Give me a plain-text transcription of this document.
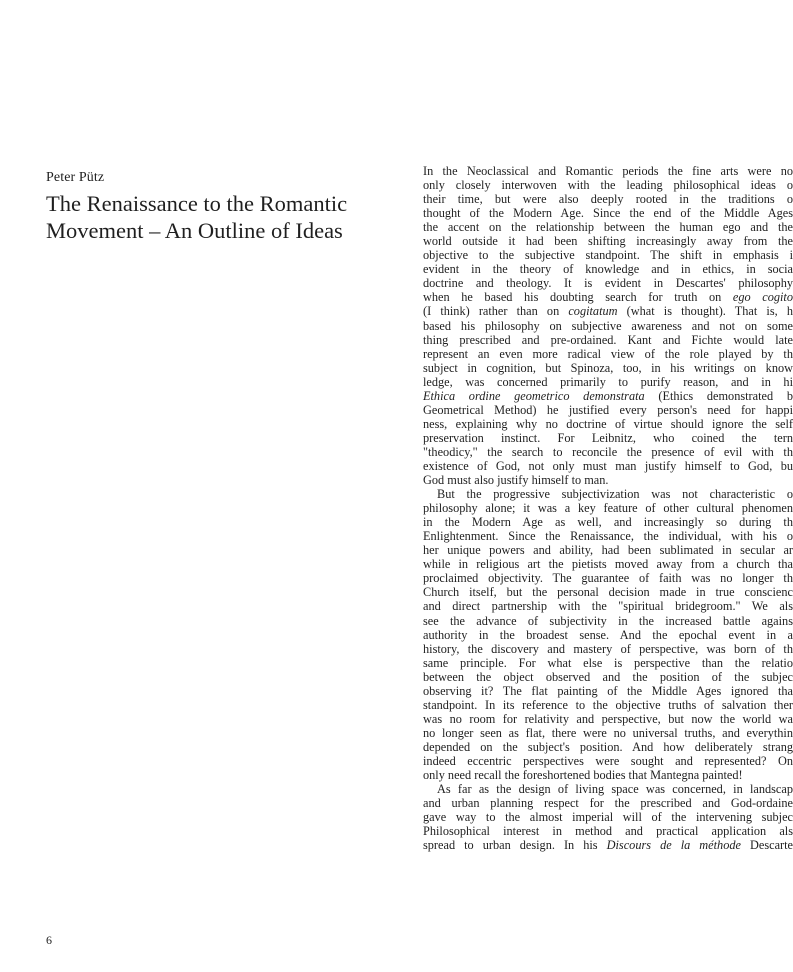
Peter Pütz
The Renaissance to the Romantic
Movement – An Outline of Ideas
In the Neoclassical and Romantic periods the fine arts were no
only closely interwoven with the leading philosophical ideas o
their time, but were also deeply rooted in the traditions o
thought of the Modern Age. Since the end of the Middle Ages
the accent on the relationship between the human ego and the
world outside it had been shifting increasingly away from the
objective to the subjective standpoint. The shift in emphasis i
evident in the theory of knowledge and in ethics, in socia
doctrine and theology. It is evident in Descartes' philosophy
when he based his doubting search for truth on ego cogito
(I think) rather than on cogitatum (what is thought). That is, h
based his philosophy on subjective awareness and not on some
thing prescribed and pre-ordained. Kant and Fichte would late
represent an even more radical view of the role played by th
subject in cognition, but Spinoza, too, in his writings on know
ledge, was concerned primarily to purify reason, and in hi
Ethica ordine geometrico demonstrata (Ethics demonstrated b
Geometrical Method) he justified every person's need for happi
ness, explaining why no doctrine of virtue should ignore the self
preservation instinct. For Leibnitz, who coined the tern
"theodicy," the search to reconcile the presence of evil with th
existence of God, not only must man justify himself to God, bu
God must also justify himself to man.
But the progressive subjectivization was not characteristic o
philosophy alone; it was a key feature of other cultural phenomen
in the Modern Age as well, and increasingly so during th
Enlightenment. Since the Renaissance, the individual, with his o
her unique powers and ability, had been sublimated in secular ar
while in religious art the pietists moved away from a church tha
proclaimed objectivity. The guarantee of faith was no longer th
Church itself, but the personal decision made in true conscienc
and direct partnership with the "spiritual bridegroom." We als
see the advance of subjectivity in the increased battle agains
authority in the broadest sense. And the epochal event in a
history, the discovery and mastery of perspective, was born of th
same principle. For what else is perspective than the relatio
between the object observed and the position of the subjec
observing it? The flat painting of the Middle Ages ignored tha
standpoint. In its reference to the objective truths of salvation ther
was no room for relativity and perspective, but now the world wa
no longer seen as flat, there were no universal truths, and everythin
depended on the subject's position. And how deliberately strang
indeed eccentric perspectives were sought and represented? On
only need recall the foreshortened bodies that Mantegna painted!
As far as the design of living space was concerned, in landscap
and urban planning respect for the prescribed and God-ordaine
gave way to the almost imperial will of the intervening subjec
Philosophical interest in method and practical application als
spread to urban design. In his Discours de la méthode Descarte
6
